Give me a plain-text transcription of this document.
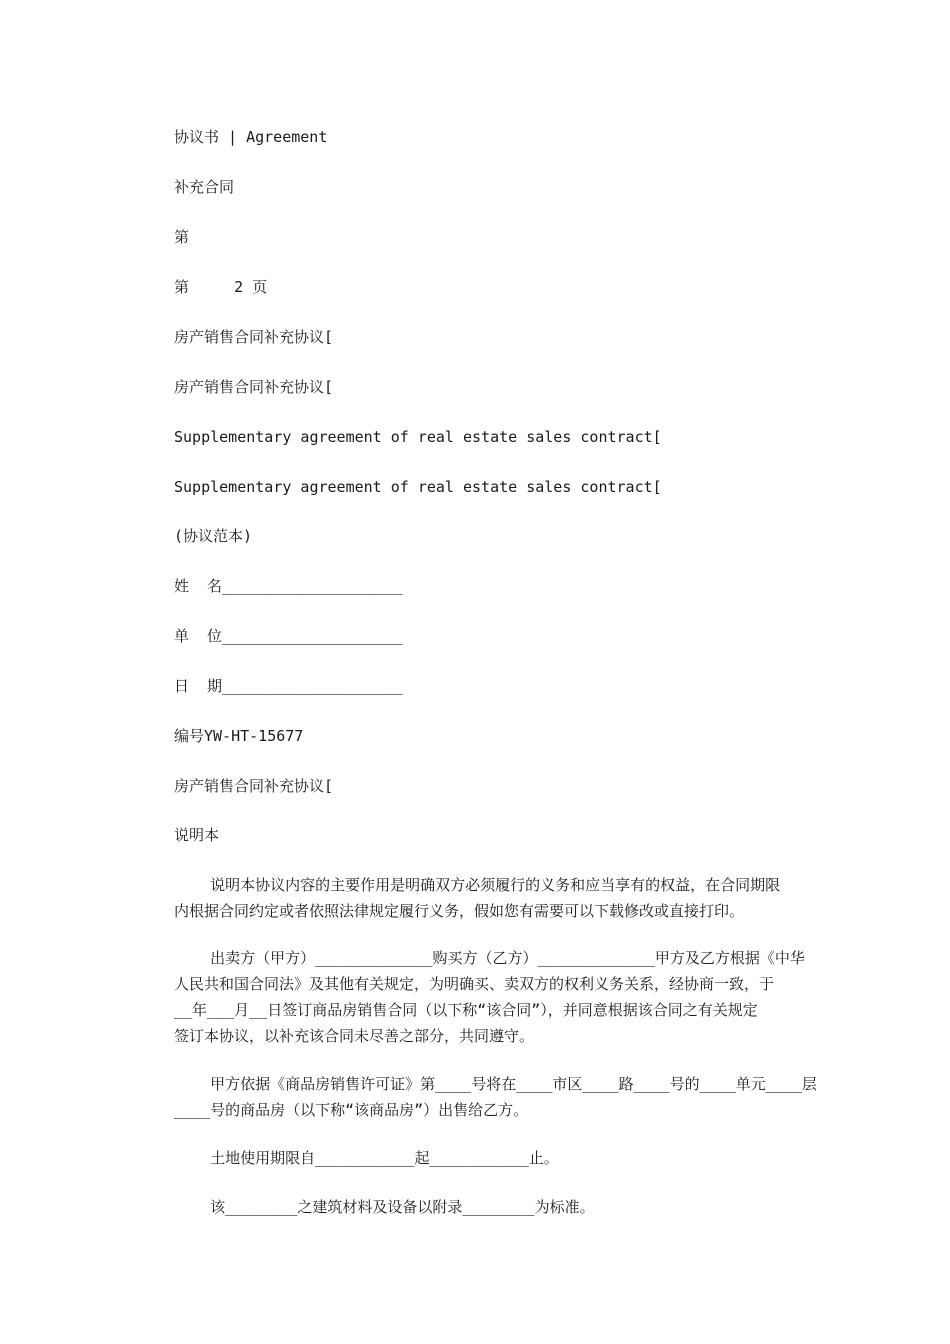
协议书 | Agreement
补充合同
第
第     2 页
房产销售合同补充协议[
房产销售合同补充协议[
Supplementary agreement of real estate sales contract[
Supplementary agreement of real estate sales contract[
(协议范本)
姓  名____________________
单  位____________________
日  期____________________
编号YW-HT-15677
房产销售合同补充协议[
说明本
说明本协议内容的主要作用是明确双方必须履行的义务和应当享有的权益，在合同期限
内根据合同约定或者依照法律规定履行义务，假如您有需要可以下载修改或直接打印。
出卖方（甲方）_____________购买方（乙方）_____________甲方及乙方根据《中华
人民共和国合同法》及其他有关规定，为明确买、卖双方的权利义务关系，经协商一致，于
__年___月__日签订商品房销售合同（以下称“该合同”），并同意根据该合同之有关规定
签订本协议，以补充该合同未尽善之部分，共同遵守。
甲方依据《商品房销售许可证》第____号将在____市区____路____号的____单元____层
____号的商品房（以下称“该商品房”）出售给乙方。
土地使用期限自___________起___________止。
该________之建筑材料及设备以附录________为标准。
